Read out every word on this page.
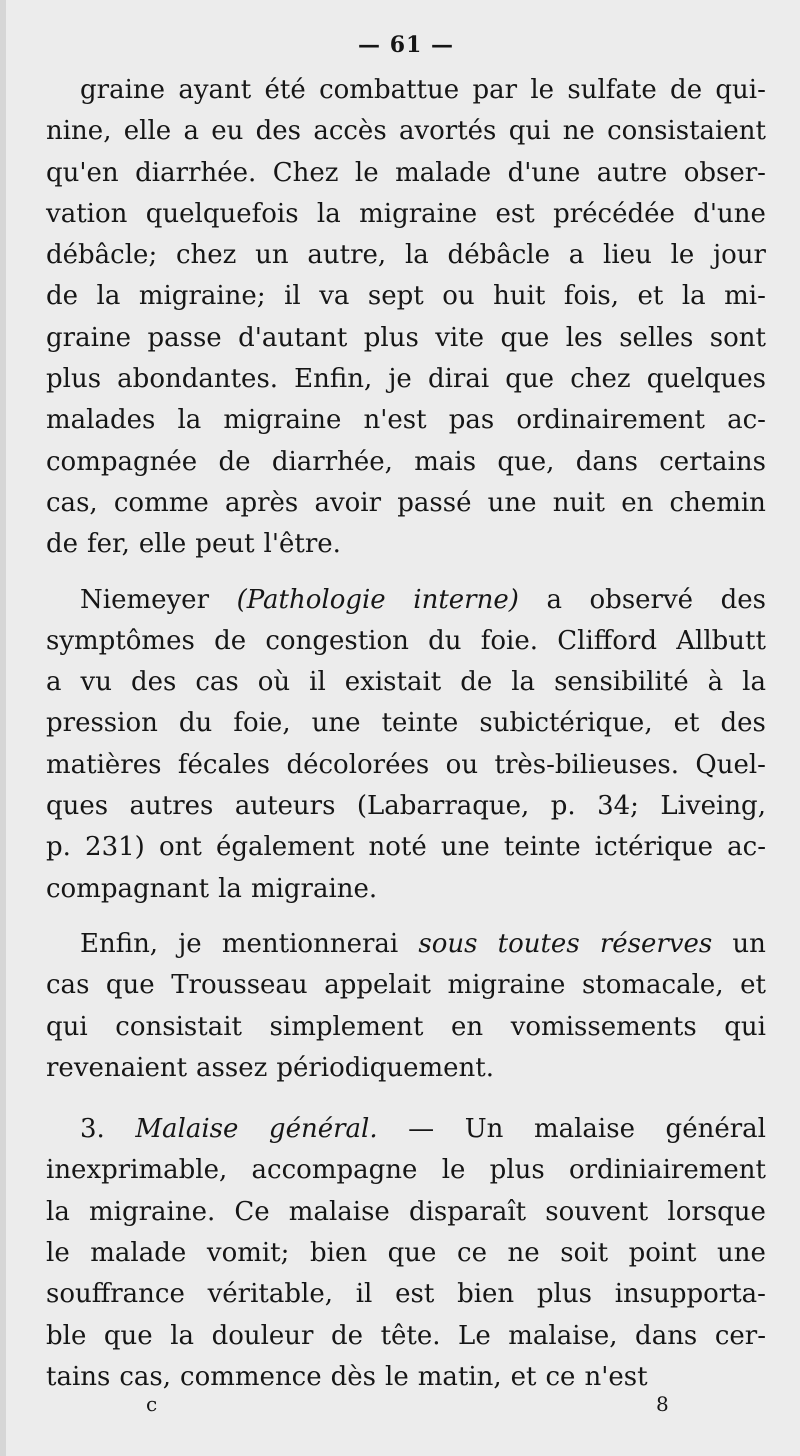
— 61 —
graine ayant été combattue par le sulfate de qui-
nine, elle a eu des accès avortés qui ne consistaient
qu'en diarrhée. Chez le malade d'une autre obser-
vation quelquefois la migraine est précédée d'une
débâcle; chez un autre, la débâcle a lieu le jour
de la migraine; il va sept ou huit fois, et la mi-
graine passe d'autant plus vite que les selles sont
plus abondantes. Enfin, je dirai que chez quelques
malades la migraine n'est pas ordinairement ac-
compagnée de diarrhée, mais que, dans certains
cas, comme après avoir passé une nuit en chemin
de fer, elle peut l'être.
Niemeyer (Pathologie interne) a observé des
symptômes de congestion du foie. Clifford Allbutt
a vu des cas où il existait de la sensibilité à la
pression du foie, une teinte subictérique, et des
matières fécales décolorées ou très-bilieuses. Quel-
ques autres auteurs (Labarraque, p. 34; Liveing,
p. 231) ont également noté une teinte ictérique ac-
compagnant la migraine.
Enfin, je mentionnerai sous toutes réserves un
cas que Trousseau appelait migraine stomacale, et
qui consistait simplement en vomissements qui
revenaient assez périodiquement.
3. Malaise général. — Un malaise général
inexprimable, accompagne le plus ordiniairement
la migraine. Ce malaise disparaît souvent lorsque
le malade vomit; bien que ce ne soit point une
souffrance véritable, il est bien plus insupporta-
ble que la douleur de tête. Le malaise, dans cer-
tains cas, commence dès le matin, et ce n'est
c	8
